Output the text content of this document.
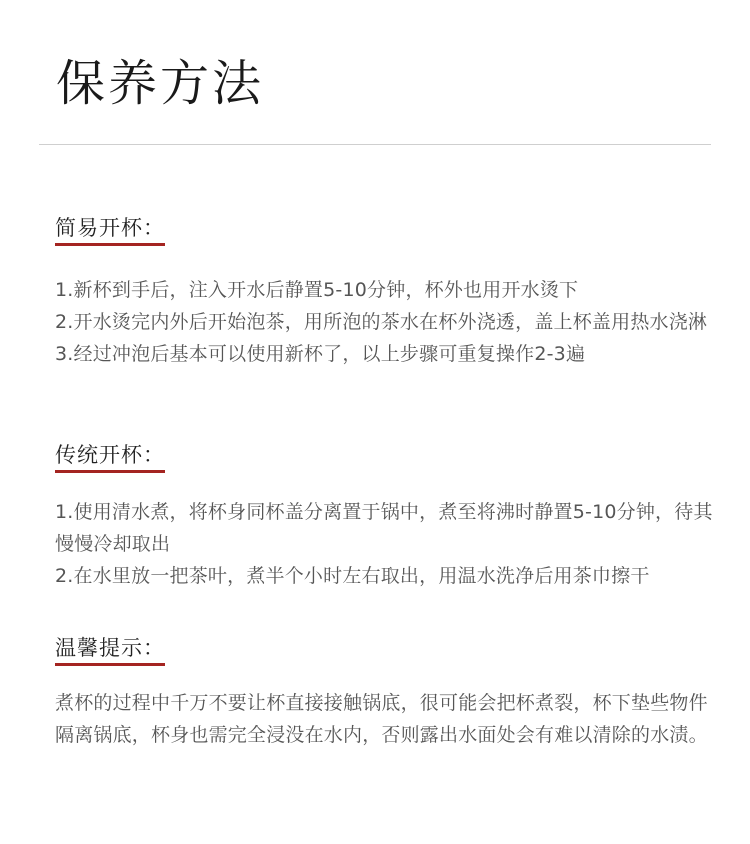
保养方法
简易开杯：
1.新杯到手后，注入开水后静置5-10分钟，杯外也用开水烫下
2.开水烫完内外后开始泡茶，用所泡的茶水在杯外浇透，盖上杯盖用热水浇淋
3.经过冲泡后基本可以使用新杯了，以上步骤可重复操作2-3遍
传统开杯：
1.使用清水煮，将杯身同杯盖分离置于锅中，煮至将沸时静置5-10分钟，待其慢慢冷却取出
2.在水里放一把茶叶，煮半个小时左右取出，用温水洗净后用茶巾擦干
温馨提示：

煮杯的过程中千万不要让杯直接接触锅底，很可能会把杯煮裂，杯下垫些物件隔离锅底，杯身也需完全浸没在水内，否则露出水面处会有难以清除的水渍。
